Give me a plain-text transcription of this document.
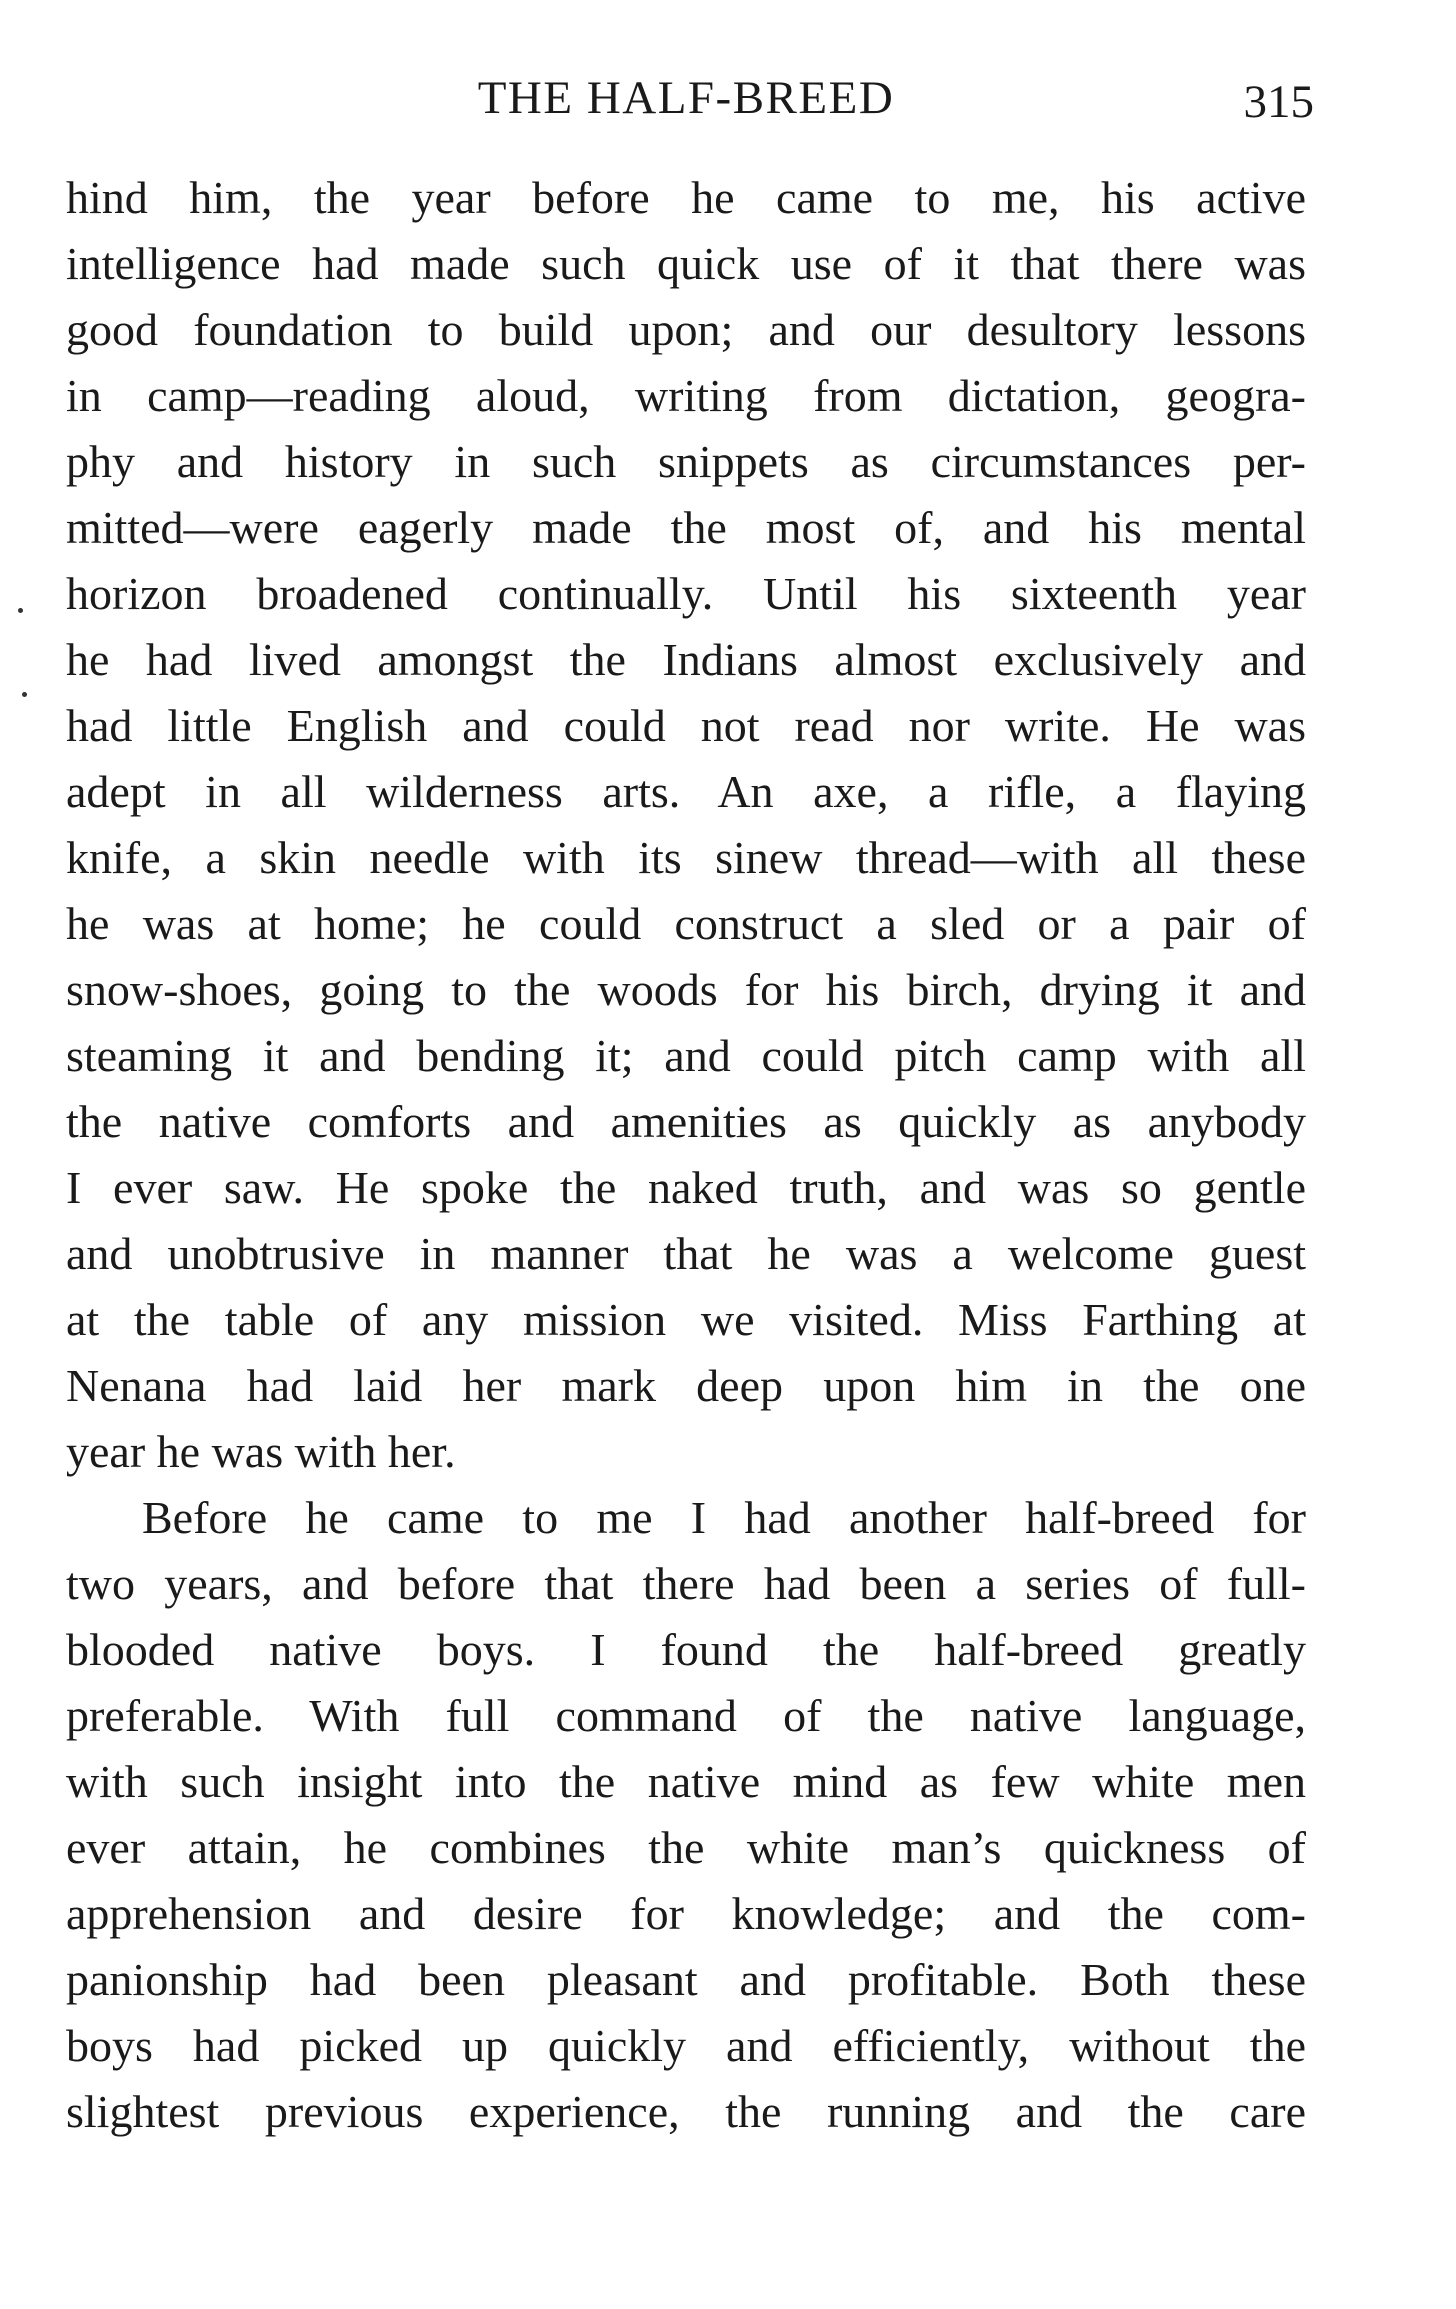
THE HALF-BREED	315
hind him, the year before he came to me, his active
intelligence had made such quick use of it that there was
good foundation to build upon; and our desultory lessons
in camp—reading aloud, writing from dictation, geogra-
phy and history in such snippets as circumstances per-
mitted—were eagerly made the most of, and his mental
horizon broadened continually. Until his sixteenth year
he had lived amongst the Indians almost exclusively and
had little English and could not read nor write. He was
adept in all wilderness arts. An axe, a rifle, a flaying
knife, a skin needle with its sinew thread—with all these
he was at home; he could construct a sled or a pair of
snow-shoes, going to the woods for his birch, drying it and
steaming it and bending it; and could pitch camp with all
the native comforts and amenities as quickly as anybody
I ever saw. He spoke the naked truth, and was so gentle
and unobtrusive in manner that he was a welcome guest
at the table of any mission we visited. Miss Farthing at
Nenana had laid her mark deep upon him in the one
year he was with her.
Before he came to me I had another half-breed for
two years, and before that there had been a series of full-
blooded native boys. I found the half-breed greatly
preferable. With full command of the native language,
with such insight into the native mind as few white men
ever attain, he combines the white man’s quickness of
apprehension and desire for knowledge; and the com-
panionship had been pleasant and profitable. Both these
boys had picked up quickly and efficiently, without the
slightest previous experience, the running and the care
